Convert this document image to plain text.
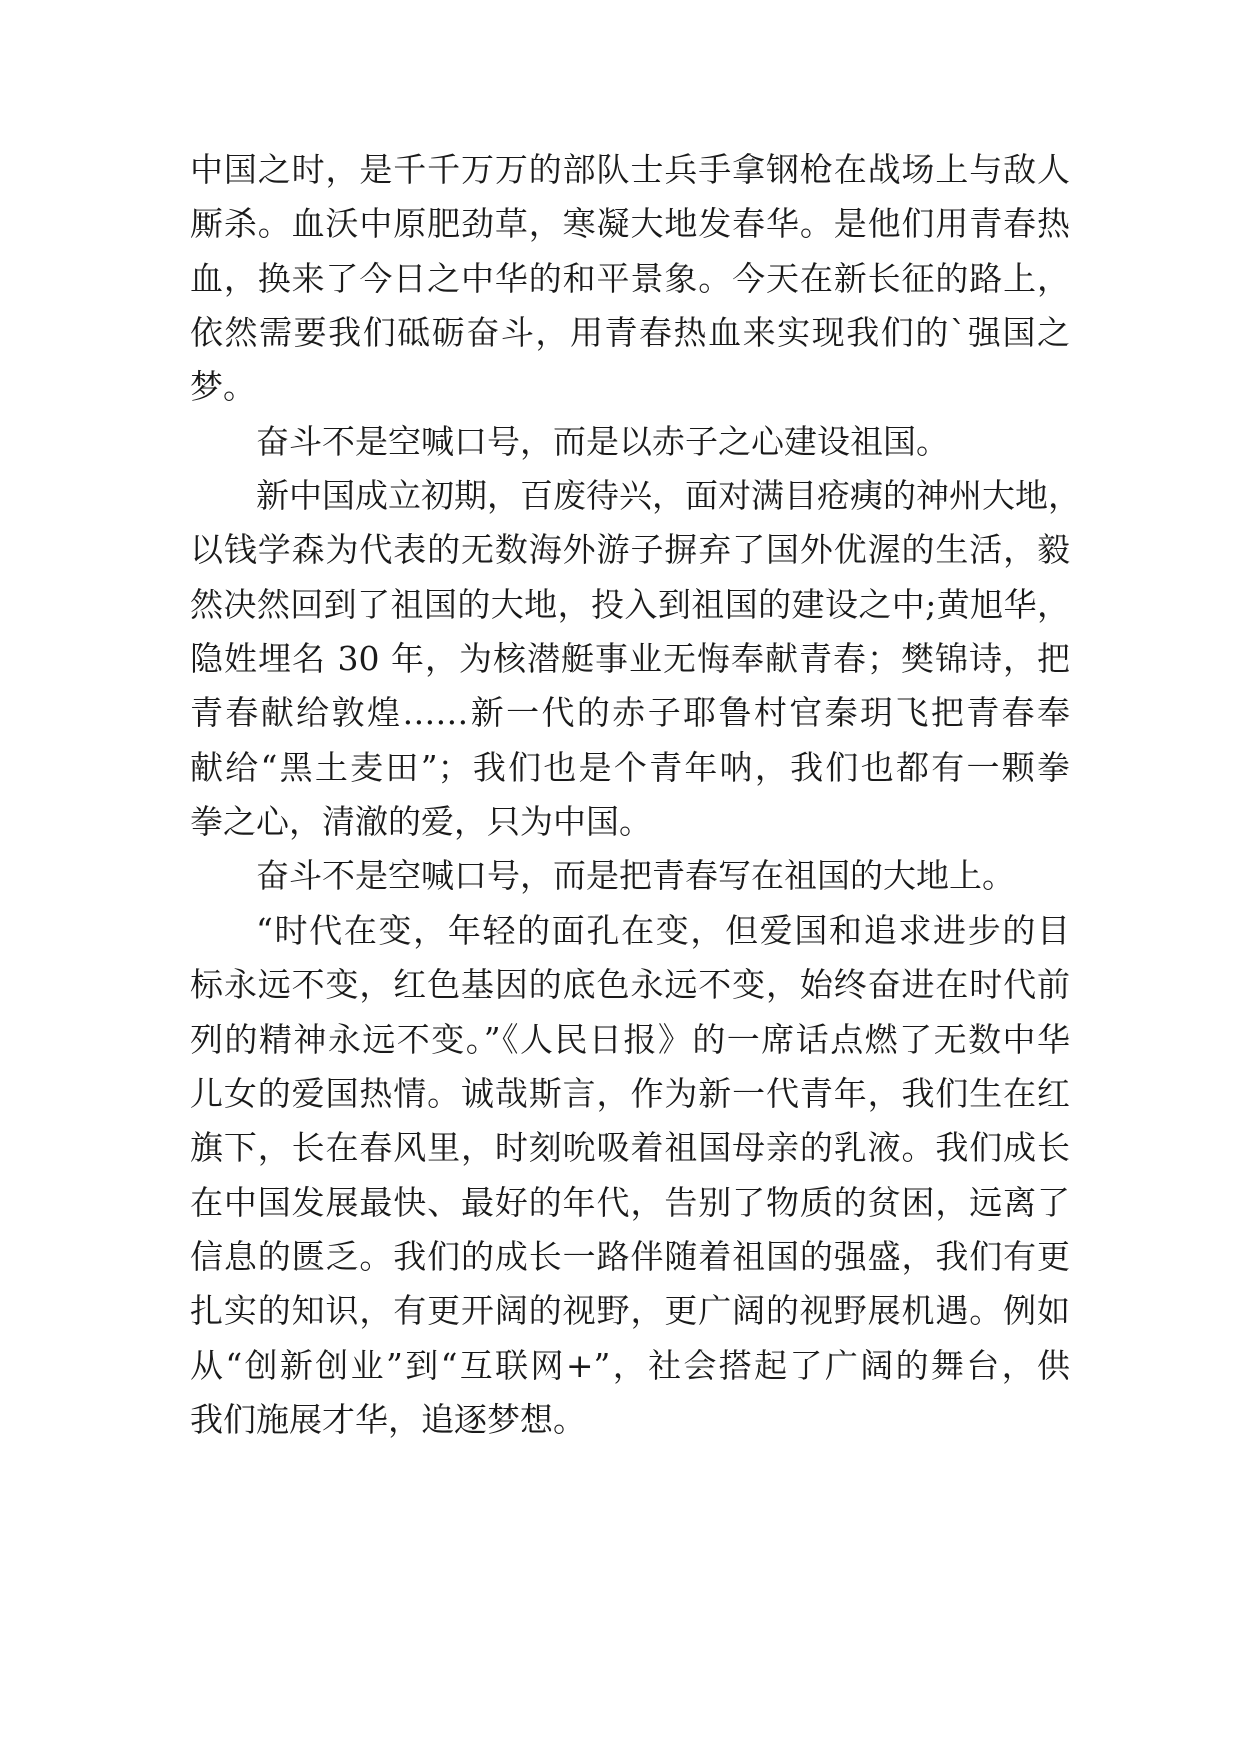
中国之时，是千千万万的部队士兵手拿钢枪在战场上与敌人

厮杀。血沃中原肥劲草，寒凝大地发春华。是他们用青春热

血，换来了今日之中华的和平景象。今天在新长征的路上，

依然需要我们砥砺奋斗，用青春热血来实现我们的`强国之

梦。

奋斗不是空喊口号，而是以赤子之心建设祖国。

新中国成立初期，百废待兴，面对满目疮痍的神州大地，

以钱学森为代表的无数海外游子摒弃了国外优渥的生活，毅

然决然回到了祖国的大地，投入到祖国的建设之中;黄旭华，

隐姓埋名 30 年，为核潜艇事业无悔奉献青春；樊锦诗，把

青春献给敦煌……新一代的赤子耶鲁村官秦玥飞把青春奉

献给“黑土麦田”；我们也是个青年呐，我们也都有一颗拳

拳之心，清澈的爱，只为中国。

奋斗不是空喊口号，而是把青春写在祖国的大地上。

“时代在变，年轻的面孔在变，但爱国和追求进步的目

标永远不变，红色基因的底色永远不变，始终奋进在时代前

列的精神永远不变。”《人民日报》的一席话点燃了无数中华

儿女的爱国热情。诚哉斯言，作为新一代青年，我们生在红

旗下，长在春风里，时刻吮吸着祖国母亲的乳液。我们成长

在中国发展最快、最好的年代，告别了物质的贫困，远离了

信息的匮乏。我们的成长一路伴随着祖国的强盛，我们有更

扎实的知识，有更开阔的视野，更广阔的视野展机遇。例如

从“创新创业”到“互联网+”，社会搭起了广阔的舞台，供

我们施展才华，追逐梦想。
